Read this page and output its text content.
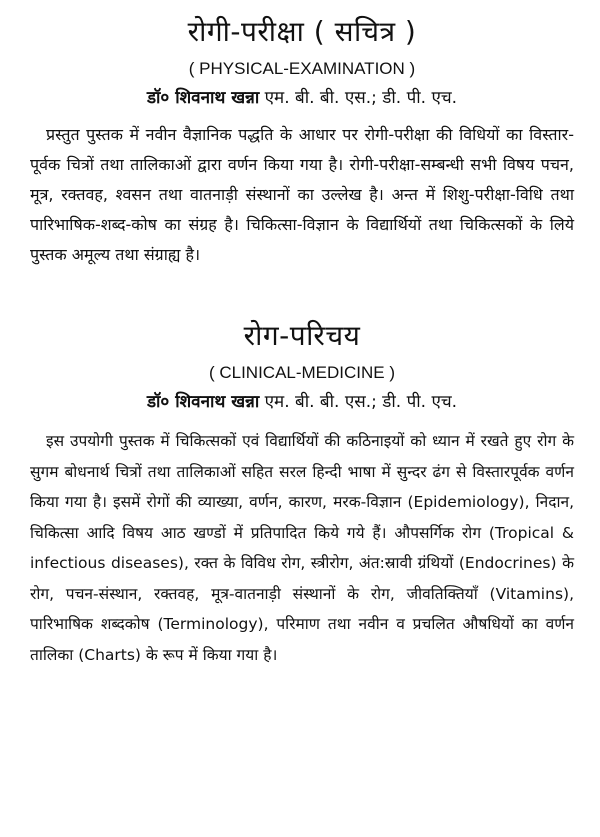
रोगी-परीक्षा ( सचित्र )
( PHYSICAL-EXAMINATION )
डॉ० शिवनाथ खन्ना एम. बी. बी. एस.; डी. पी. एच.
प्रस्तुत पुस्तक में नवीन वैज्ञानिक पद्धति के आधार पर रोगी-परीक्षा की विधियों का विस्तार-पूर्वक चित्रों तथा तालिकाओं द्वारा वर्णन किया गया है। रोगी-परीक्षा-सम्बन्धी सभी विषय पचन, मूत्र, रक्तवह, श्वसन तथा वातनाड़ी संस्थानों का उल्लेख है। अन्त में शिशु-परीक्षा-विधि तथा पारिभाषिक-शब्द-कोष का संग्रह है। चिकित्सा-विज्ञान के विद्यार्थियों तथा चिकित्सकों के लिये पुस्तक अमूल्य तथा संग्राह्य है।
रोग-परिचय
( CLINICAL-MEDICINE )
डॉ० शिवनाथ खन्ना एम. बी. बी. एस.; डी. पी. एच.
इस उपयोगी पुस्तक में चिकित्सकों एवं विद्यार्थियों की कठिनाइयों को ध्यान में रखते हुए रोग के सुगम बोधनार्थ चित्रों तथा तालिकाओं सहित सरल हिन्दी भाषा में सुन्दर ढंग से विस्तारपूर्वक वर्णन किया गया है। इसमें रोगों की व्याख्या, वर्णन, कारण, मरक-विज्ञान (Epidemiology), निदान, चिकित्सा आदि विषय आठ खण्डों में प्रतिपादित किये गये हैं। औपसर्गिक रोग (Tropical & infectious diseases), रक्त के विविध रोग, स्त्रीरोग, अंत:स्रावी ग्रंथियों (Endocrines) के रोग, पचन-संस्थान, रक्तवह, मूत्र-वातनाड़ी संस्थानों के रोग, जीवतिक्तियाँ (Vitamins), पारिभाषिक शब्दकोष (Terminology), परिमाण तथा नवीन व प्रचलित औषधियों का वर्णन तालिका (Charts) के रूप में किया गया है।
